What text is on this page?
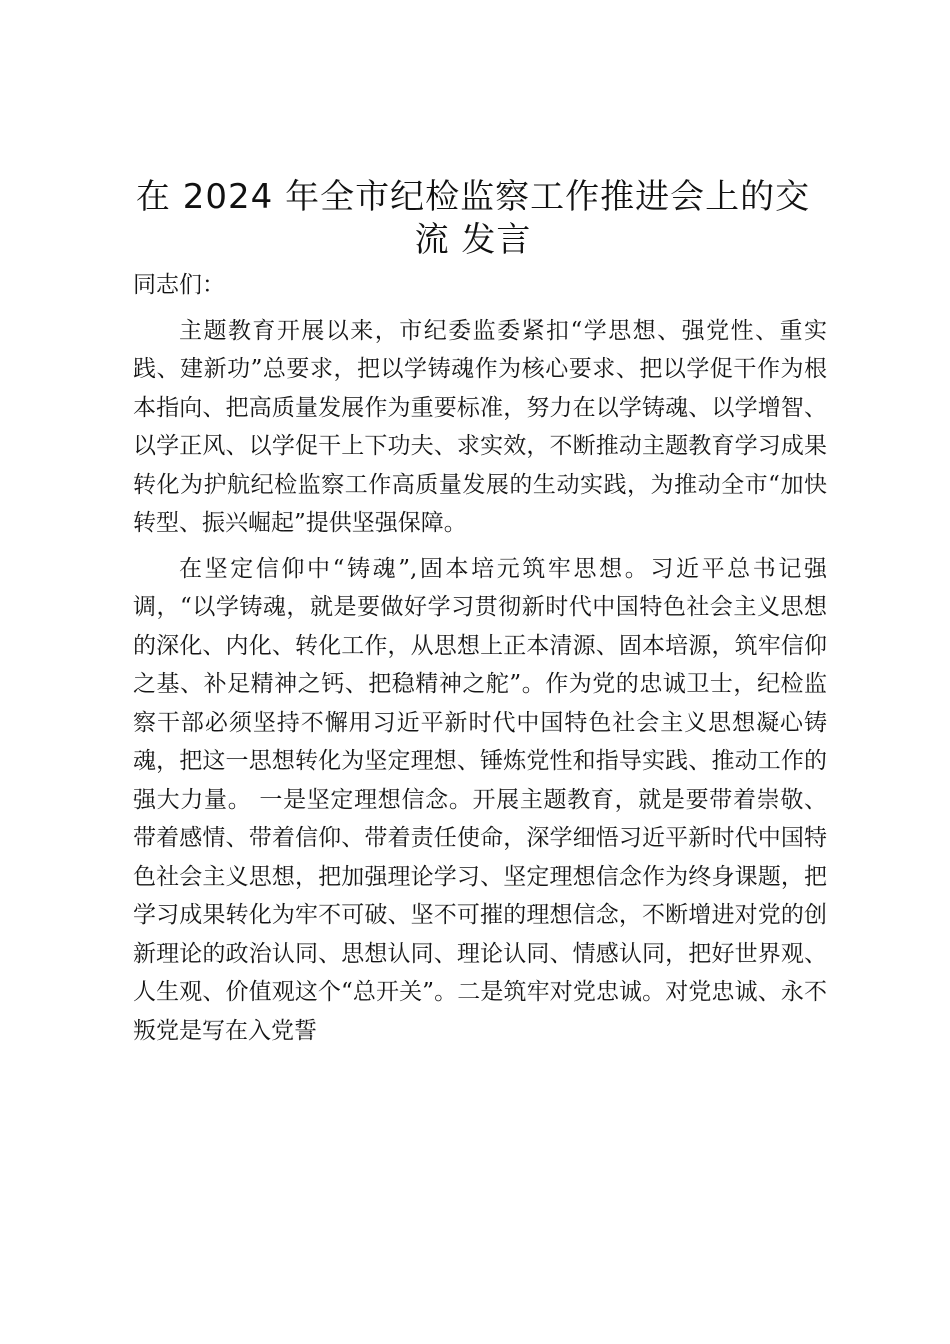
在 2024 年全市纪检监察工作推进会上的交
流 发言

同志们：

主题教育开展以来，市纪委监委紧扣“学思想、强党性、重实践、建新功”总要求，把以学铸魂作为核心要求、把以学促干作为根本指向、把高质量发展作为重要标准，努力在以学铸魂、以学增智、以学正风、以学促干上下功夫、求实效，不断推动主题教育学习成果转化为护航纪检监察工作高质量发展的生动实践，为推动全市“加快转型、振兴崛起”提供坚强保障。

在坚定信仰中“铸魂”,固本培元筑牢思想。习近平总书记强调，“以学铸魂，就是要做好学习贯彻新时代中国特色社会主义思想的深化、内化、转化工作，从思想上正本清源、固本培源，筑牢信仰之基、补足精神之钙、把稳精神之舵”。作为党的忠诚卫士，纪检监察干部必须坚持不懈用习近平新时代中国特色社会主义思想凝心铸魂，把这一思想转化为坚定理想、锤炼党性和指导实践、推动工作的强大力量。 一是坚定理想信念。开展主题教育，就是要带着崇敬、带着感情、带着信仰、带着责任使命，深学细悟习近平新时代中国特色社会主义思想，把加强理论学习、坚定理想信念作为终身课题，把学习成果转化为牢不可破、坚不可摧的理想信念，不断增进对党的创新理论的政治认同、思想认同、理论认同、情感认同，把好世界观、人生观、价值观这个“总开关”。二是筑牢对党忠诚。对党忠诚、永不叛党是写在入党誓
